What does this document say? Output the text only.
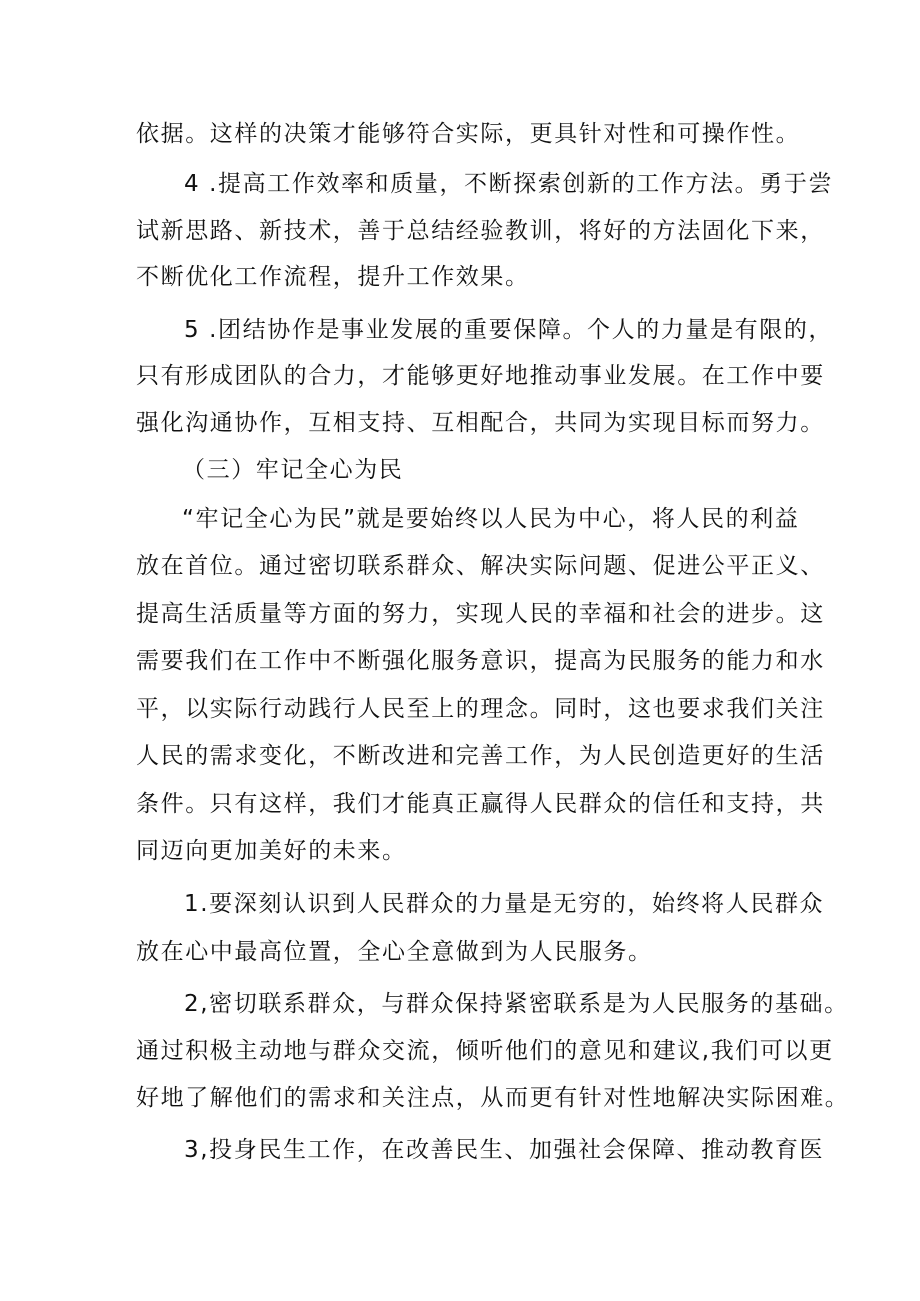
依据。这样的决策才能够符合实际，更具针对性和可操作性。
4 .提高工作效率和质量，不断探索创新的工作方法。勇于尝
试新思路、新技术，善于总结经验教训，将好的方法固化下来，
不断优化工作流程，提升工作效果。
5 .团结协作是事业发展的重要保障。个人的力量是有限的，
只有形成团队的合力，才能够更好地推动事业发展。在工作中要
强化沟通协作，互相支持、互相配合，共同为实现目标而努力。
（三）牢记全心为民
“牢记全心为民”就是要始终以人民为中心，将人民的利益
放在首位。通过密切联系群众、解决实际问题、促进公平正义、
提高生活质量等方面的努力，实现人民的幸福和社会的进步。这
需要我们在工作中不断强化服务意识，提高为民服务的能力和水
平，以实际行动践行人民至上的理念。同时，这也要求我们关注
人民的需求变化，不断改进和完善工作，为人民创造更好的生活
条件。只有这样，我们才能真正赢得人民群众的信任和支持，共
同迈向更加美好的未来。
1.要深刻认识到人民群众的力量是无穷的，始终将人民群众
放在心中最高位置，全心全意做到为人民服务。
2,密切联系群众，与群众保持紧密联系是为人民服务的基础。
通过积极主动地与群众交流，倾听他们的意见和建议,我们可以更
好地了解他们的需求和关注点，从而更有针对性地解决实际困难。
3,投身民生工作，在改善民生、加强社会保障、推动教育医
